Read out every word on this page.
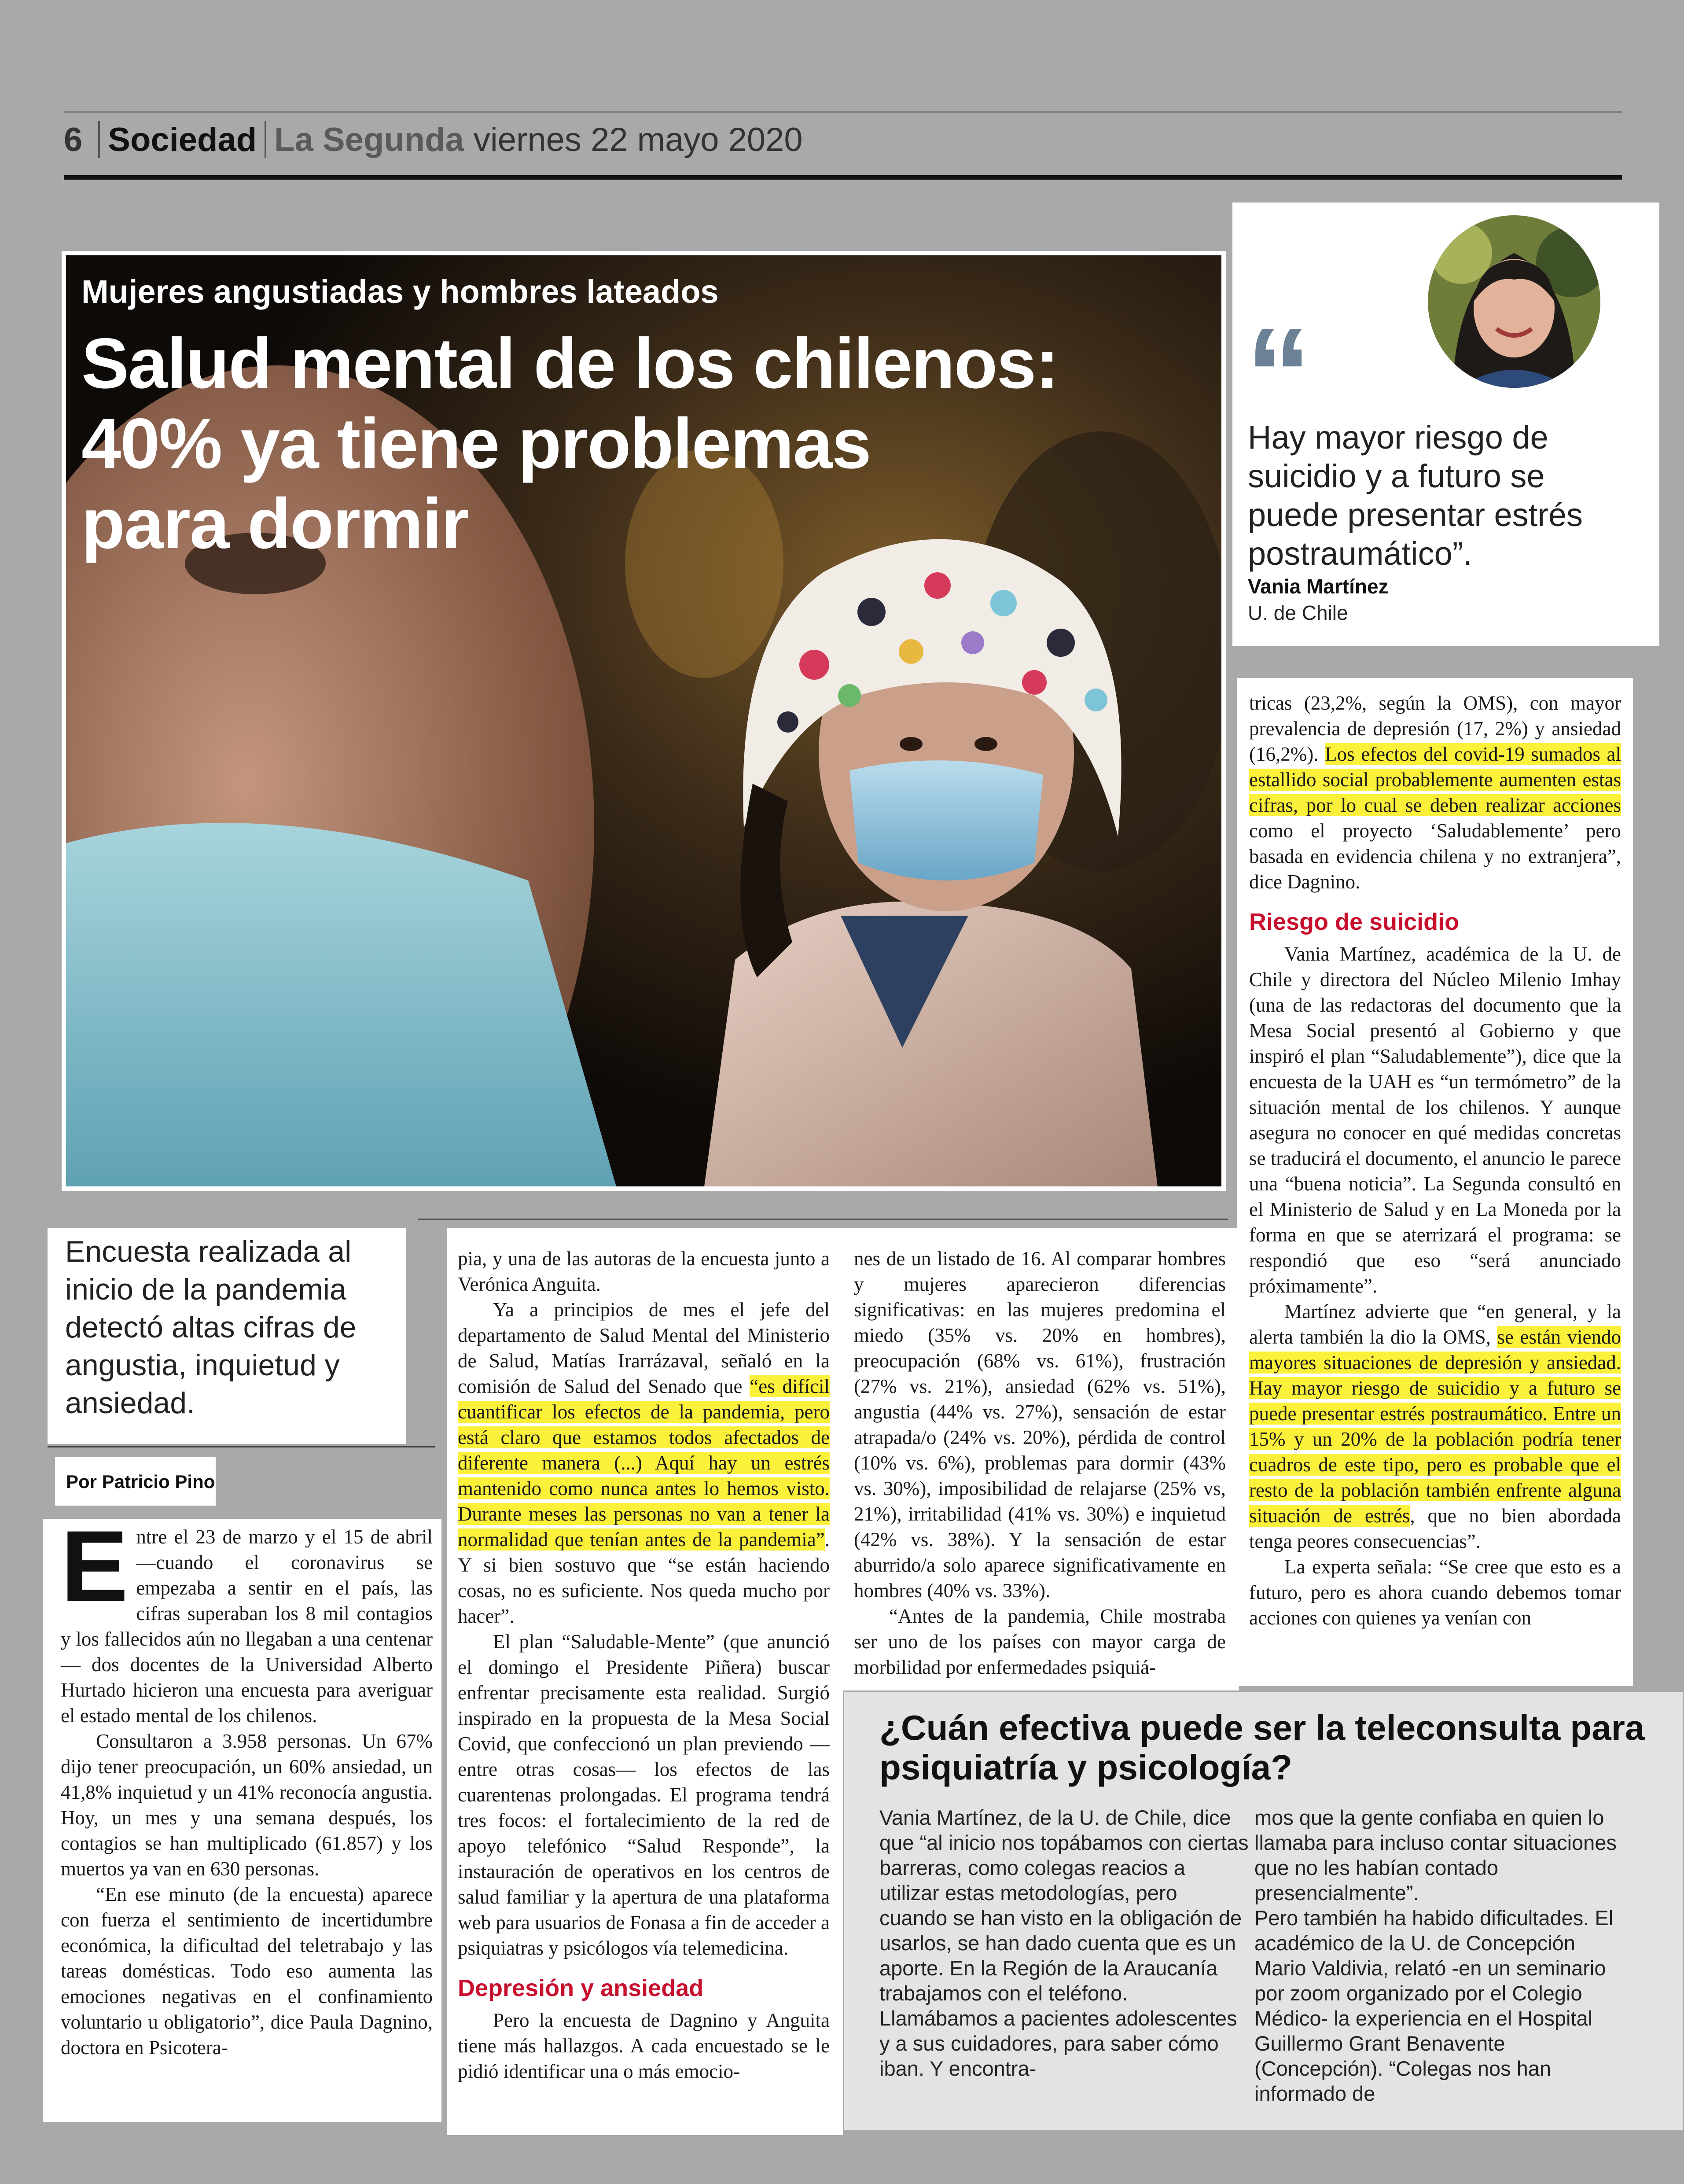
6 Sociedad La Segunda viernes 22 mayo 2020
Mujeres angustiadas y hombres lateados
Salud mental de los chilenos:
40% ya tiene problemas
para dormir
“

Hay mayor riesgo de suicidio y a futuro se puede presentar estrés postraumático”.

Vania Martínez
U. de Chile

Encuesta realizada al inicio de la pandemia detectó altas cifras de angustia, inquietud y ansiedad.

Por Patricio Pino

Entre el 23 de marzo y el 15 de abril —cuando el coronavirus se empezaba a sentir en el país, las cifras superaban los 8 mil contagios y los fallecidos aún no llegaban a una centenar— dos docentes de la Universidad Alberto Hurtado hicieron una encuesta para averiguar el estado mental de los chilenos.

Consultaron a 3.958 personas. Un 67% dijo tener preocupación, un 60% ansiedad, un 41,8% inquietud y un 41% reconocía angustia. Hoy, un mes y una semana después, los contagios se han multiplicado (61.857) y los muertos ya van en 630 personas.

“En ese minuto (de la encuesta) aparece con fuerza el sentimiento de incertidumbre económica, la dificultad del teletrabajo y las tareas domésticas. Todo eso aumenta las emociones negativas en el confinamiento voluntario u obligatorio”, dice Paula Dagnino, doctora en Psicotera-

pia, y una de las autoras de la encuesta junto a Verónica Anguita.

Ya a principios de mes el jefe del departamento de Salud Mental del Ministerio de Salud, Matías Irarrázaval, señaló en la comisión de Salud del Senado que “es difícil cuantificar los efectos de la pandemia, pero está claro que estamos todos afectados de diferente manera (...) Aquí hay un estrés mantenido como nunca antes lo hemos visto. Durante meses las personas no van a tener la normalidad que tenían antes de la pandemia”. Y si bien sostuvo que “se están haciendo cosas, no es suficiente. Nos queda mucho por hacer”.

El plan “Saludable-Mente” (que anunció el domingo el Presidente Piñera) buscar enfrentar precisamente esta realidad. Surgió inspirado en la propuesta de la Mesa Social Covid, que confeccionó un plan previendo —entre otras cosas— los efectos de las cuarentenas prolongadas. El programa tendrá tres focos: el fortalecimiento de la red de apoyo telefónico “Salud Responde”, la instauración de operativos en los centros de salud familiar y la apertura de una plataforma web para usuarios de Fonasa a fin de acceder a psiquiatras y psicólogos vía telemedicina.

Depresión y ansiedad

Pero la encuesta de Dagnino y Anguita tiene más hallazgos. A cada encuestado se le pidió identificar una o más emocio-

nes de un listado de 16. Al comparar hombres y mujeres aparecieron diferencias significativas: en las mujeres predomina el miedo (35% vs. 20% en hombres), preocupación (68% vs. 61%), frustración (27% vs. 21%), ansiedad (62% vs. 51%), angustia (44% vs. 27%), sensación de estar atrapada/o (24% vs. 20%), pérdida de control (10% vs. 6%), problemas para dormir (43% vs. 30%), imposibilidad de relajarse (25% vs, 21%), irritabilidad (41% vs. 30%) e inquietud (42% vs. 38%). Y la sensación de estar aburrido/a solo aparece significativamente en hombres (40% vs. 33%).

“Antes de la pandemia, Chile mostraba ser uno de los países con mayor carga de morbilidad por enfermedades psiquiá-

tricas (23,2%, según la OMS), con mayor prevalencia de depresión (17, 2%) y ansiedad (16,2%). Los efectos del covid-19 sumados al estallido social probablemente aumenten estas cifras, por lo cual se deben realizar acciones como el proyecto ‘Saludablemente’ pero basada en evidencia chilena y no extranjera”, dice Dagnino.

Riesgo de suicidio

Vania Martínez, académica de la U. de Chile y directora del Núcleo Milenio Imhay (una de las redactoras del documento que la Mesa Social presentó al Gobierno y que inspiró el plan “Saludablemente”), dice que la encuesta de la UAH es “un termómetro” de la situación mental de los chilenos. Y aunque asegura no conocer en qué medidas concretas se traducirá el documento, el anuncio le parece una “buena noticia”. La Segunda consultó en el Ministerio de Salud y en La Moneda por la forma en que se aterrizará el programa: se respondió que eso “será anunciado próximamente”.

Martínez advierte que “en general, y la alerta también la dio la OMS, se están viendo mayores situaciones de depresión y ansiedad. Hay mayor riesgo de suicidio y a futuro se puede presentar estrés postraumático. Entre un 15% y un 20% de la población podría tener cuadros de este tipo, pero es probable que el resto de la población también enfrente alguna situación de estrés, que no bien abordada tenga peores consecuencias”.

La experta señala: “Se cree que esto es a futuro, pero es ahora cuando debemos tomar acciones con quienes ya venían con

¿Cuán efectiva puede ser la teleconsulta para psiquiatría y psicología?

Vania Martínez, de la U. de Chile, dice que “al inicio nos topábamos con ciertas barreras, como colegas reacios a utilizar estas metodologías, pero cuando se han visto en la obligación de usarlos, se han dado cuenta que es un aporte. En la Región de la Araucanía trabajamos con el teléfono. Llamábamos a pacientes adolescentes y a sus cuidadores, para saber cómo iban. Y encontra-

mos que la gente confiaba en quien lo llamaba para incluso contar situaciones que no les habían contado presencialmente”.

Pero también ha habido dificultades. El académico de la U. de Concepción Mario Valdivia, relató -en un seminario por zoom organizado por el Colegio Médico- la experiencia en el Hospital Guillermo Grant Benavente (Concepción). “Colegas nos han informado de
